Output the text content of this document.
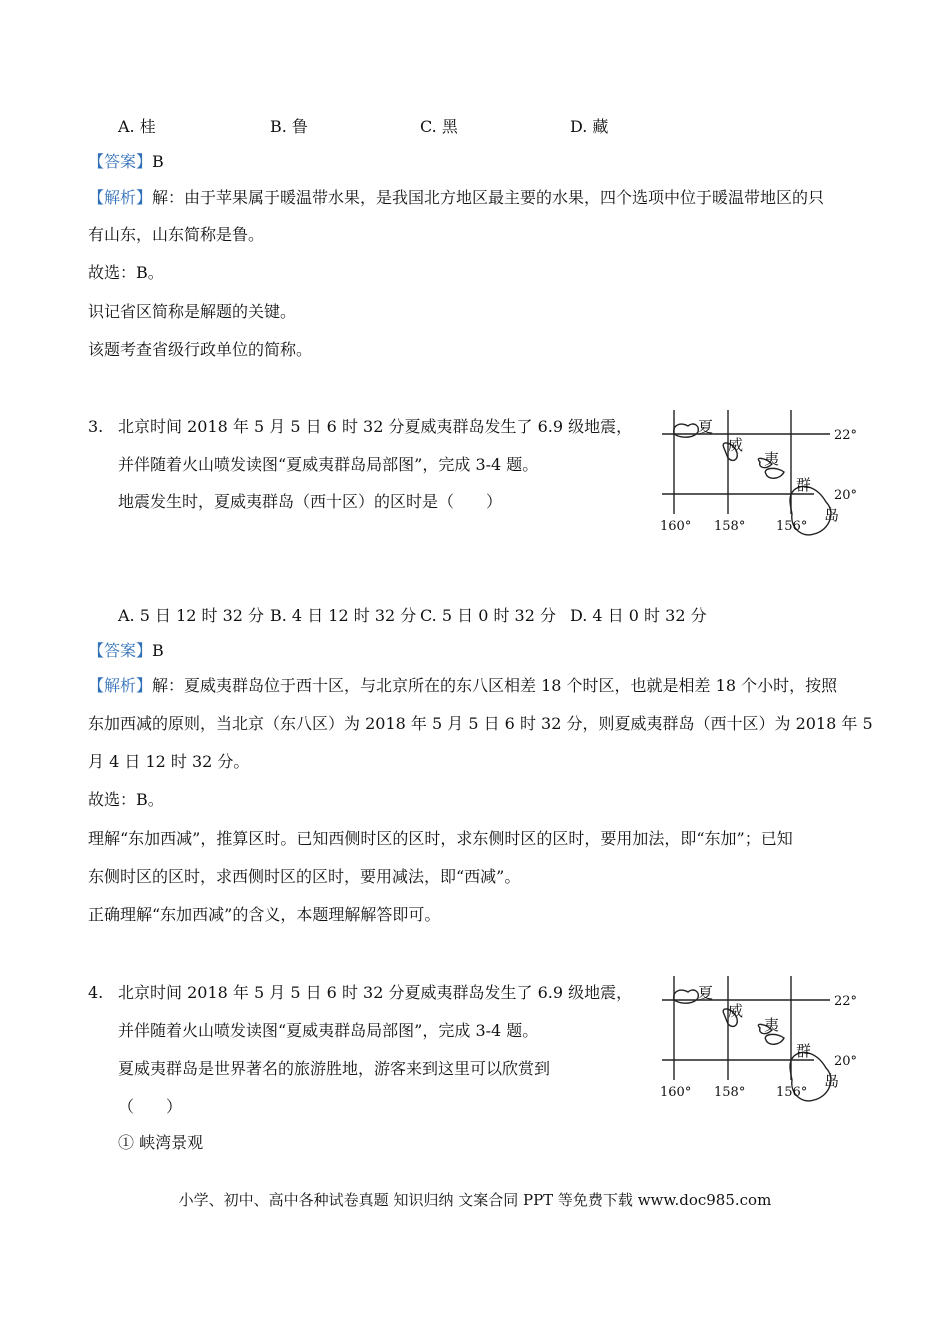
A. 桂	B. 鲁	C. 黑	D. 藏
【答案】B
【解析】解：由于苹果属于暖温带水果，是我国北方地区最主要的水果，四个选项中位于暖温带地区的只
有山东，山东简称是鲁。
故选：B。
识记省区简称是解题的关键。
该题考查省级行政单位的简称。
3. 北京时间 2018 年 5 月 5 日 6 时 32 分夏威夷群岛发生了 6.9 级地震，
并伴随着火山喷发读图“夏威夷群岛局部图”，完成 3-4 题。
地震发生时，夏威夷群岛（西十区）的区时是（　　）
夏
威
夷
群
岛
22°
20°
160° 158° 156°
A. 5 日 12 时 32 分 B. 4 日 12 时 32 分 C. 5 日 0 时 32 分 D. 4 日 0 时 32 分
【答案】B
【解析】解：夏威夷群岛位于西十区，与北京所在的东八区相差 18 个时区，也就是相差 18 个小时，按照
东加西减的原则，当北京（东八区）为 2018 年 5 月 5 日 6 时 32 分，则夏威夷群岛（西十区）为 2018 年 5
月 4 日 12 时 32 分。
故选：B。
理解“东加西减”，推算区时。已知西侧时区的区时，求东侧时区的区时，要用加法，即“东加”；已知
东侧时区的区时，求西侧时区的区时，要用减法，即“西减”。
正确理解“东加西减”的含义，本题理解解答即可。
4. 北京时间 2018 年 5 月 5 日 6 时 32 分夏威夷群岛发生了 6.9 级地震，
并伴随着火山喷发读图“夏威夷群岛局部图”，完成 3-4 题。
夏威夷群岛是世界著名的旅游胜地，游客来到这里可以欣赏到
（　　）
① 峡湾景观
夏
威
夷
群
岛
22°
20°
160° 158° 156°
小学、初中、高中各种试卷真题 知识归纳 文案合同 PPT 等免费下载 www.doc985.com
